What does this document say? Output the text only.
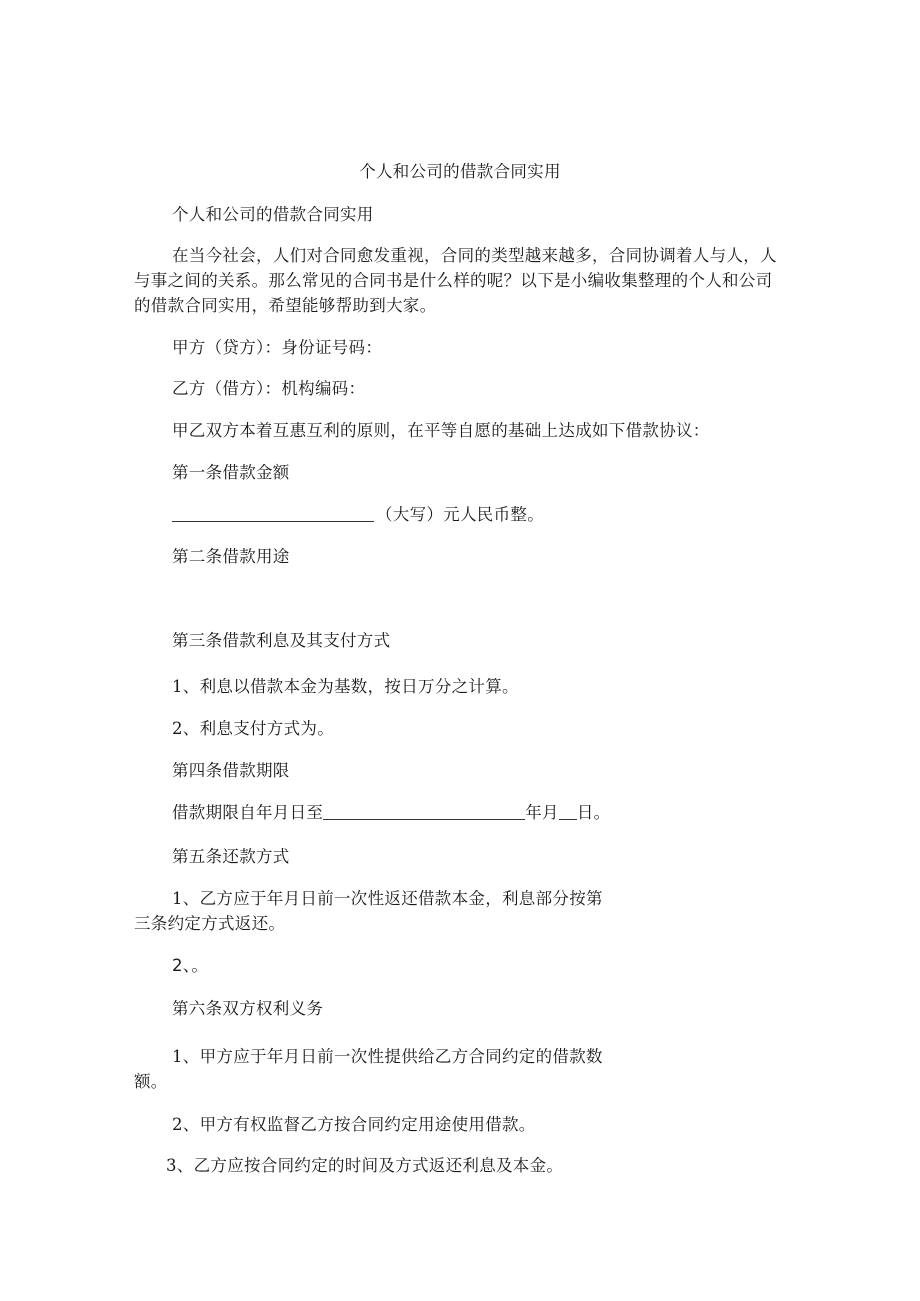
个人和公司的借款合同实用
个人和公司的借款合同实用
在当今社会，人们对合同愈发重视，合同的类型越来越多，合同协调着人与人，人
与事之间的关系。那么常见的合同书是什么样的呢？以下是小编收集整理的个人和公司
的借款合同实用，希望能够帮助到大家。
甲方（贷方）：身份证号码：
乙方（借方）：机构编码：
甲乙双方本着互惠互利的原则，在平等自愿的基础上达成如下借款协议：
第一条借款金额
（大写）元人民币整。
第二条借款用途
第三条借款利息及其支付方式
1、利息以借款本金为基数，按日万分之计算。
2、利息支付方式为。
第四条借款期限
借款期限自年月日至	年月 日。
第五条还款方式
1、乙方应于年月日前一次性返还借款本金，利息部分按第
三条约定方式返还。
2、。
第六条双方权利义务
1、甲方应于年月日前一次性提供给乙方合同约定的借款数
额。
2、甲方有权监督乙方按合同约定用途使用借款。
3、乙方应按合同约定的时间及方式返还利息及本金。
